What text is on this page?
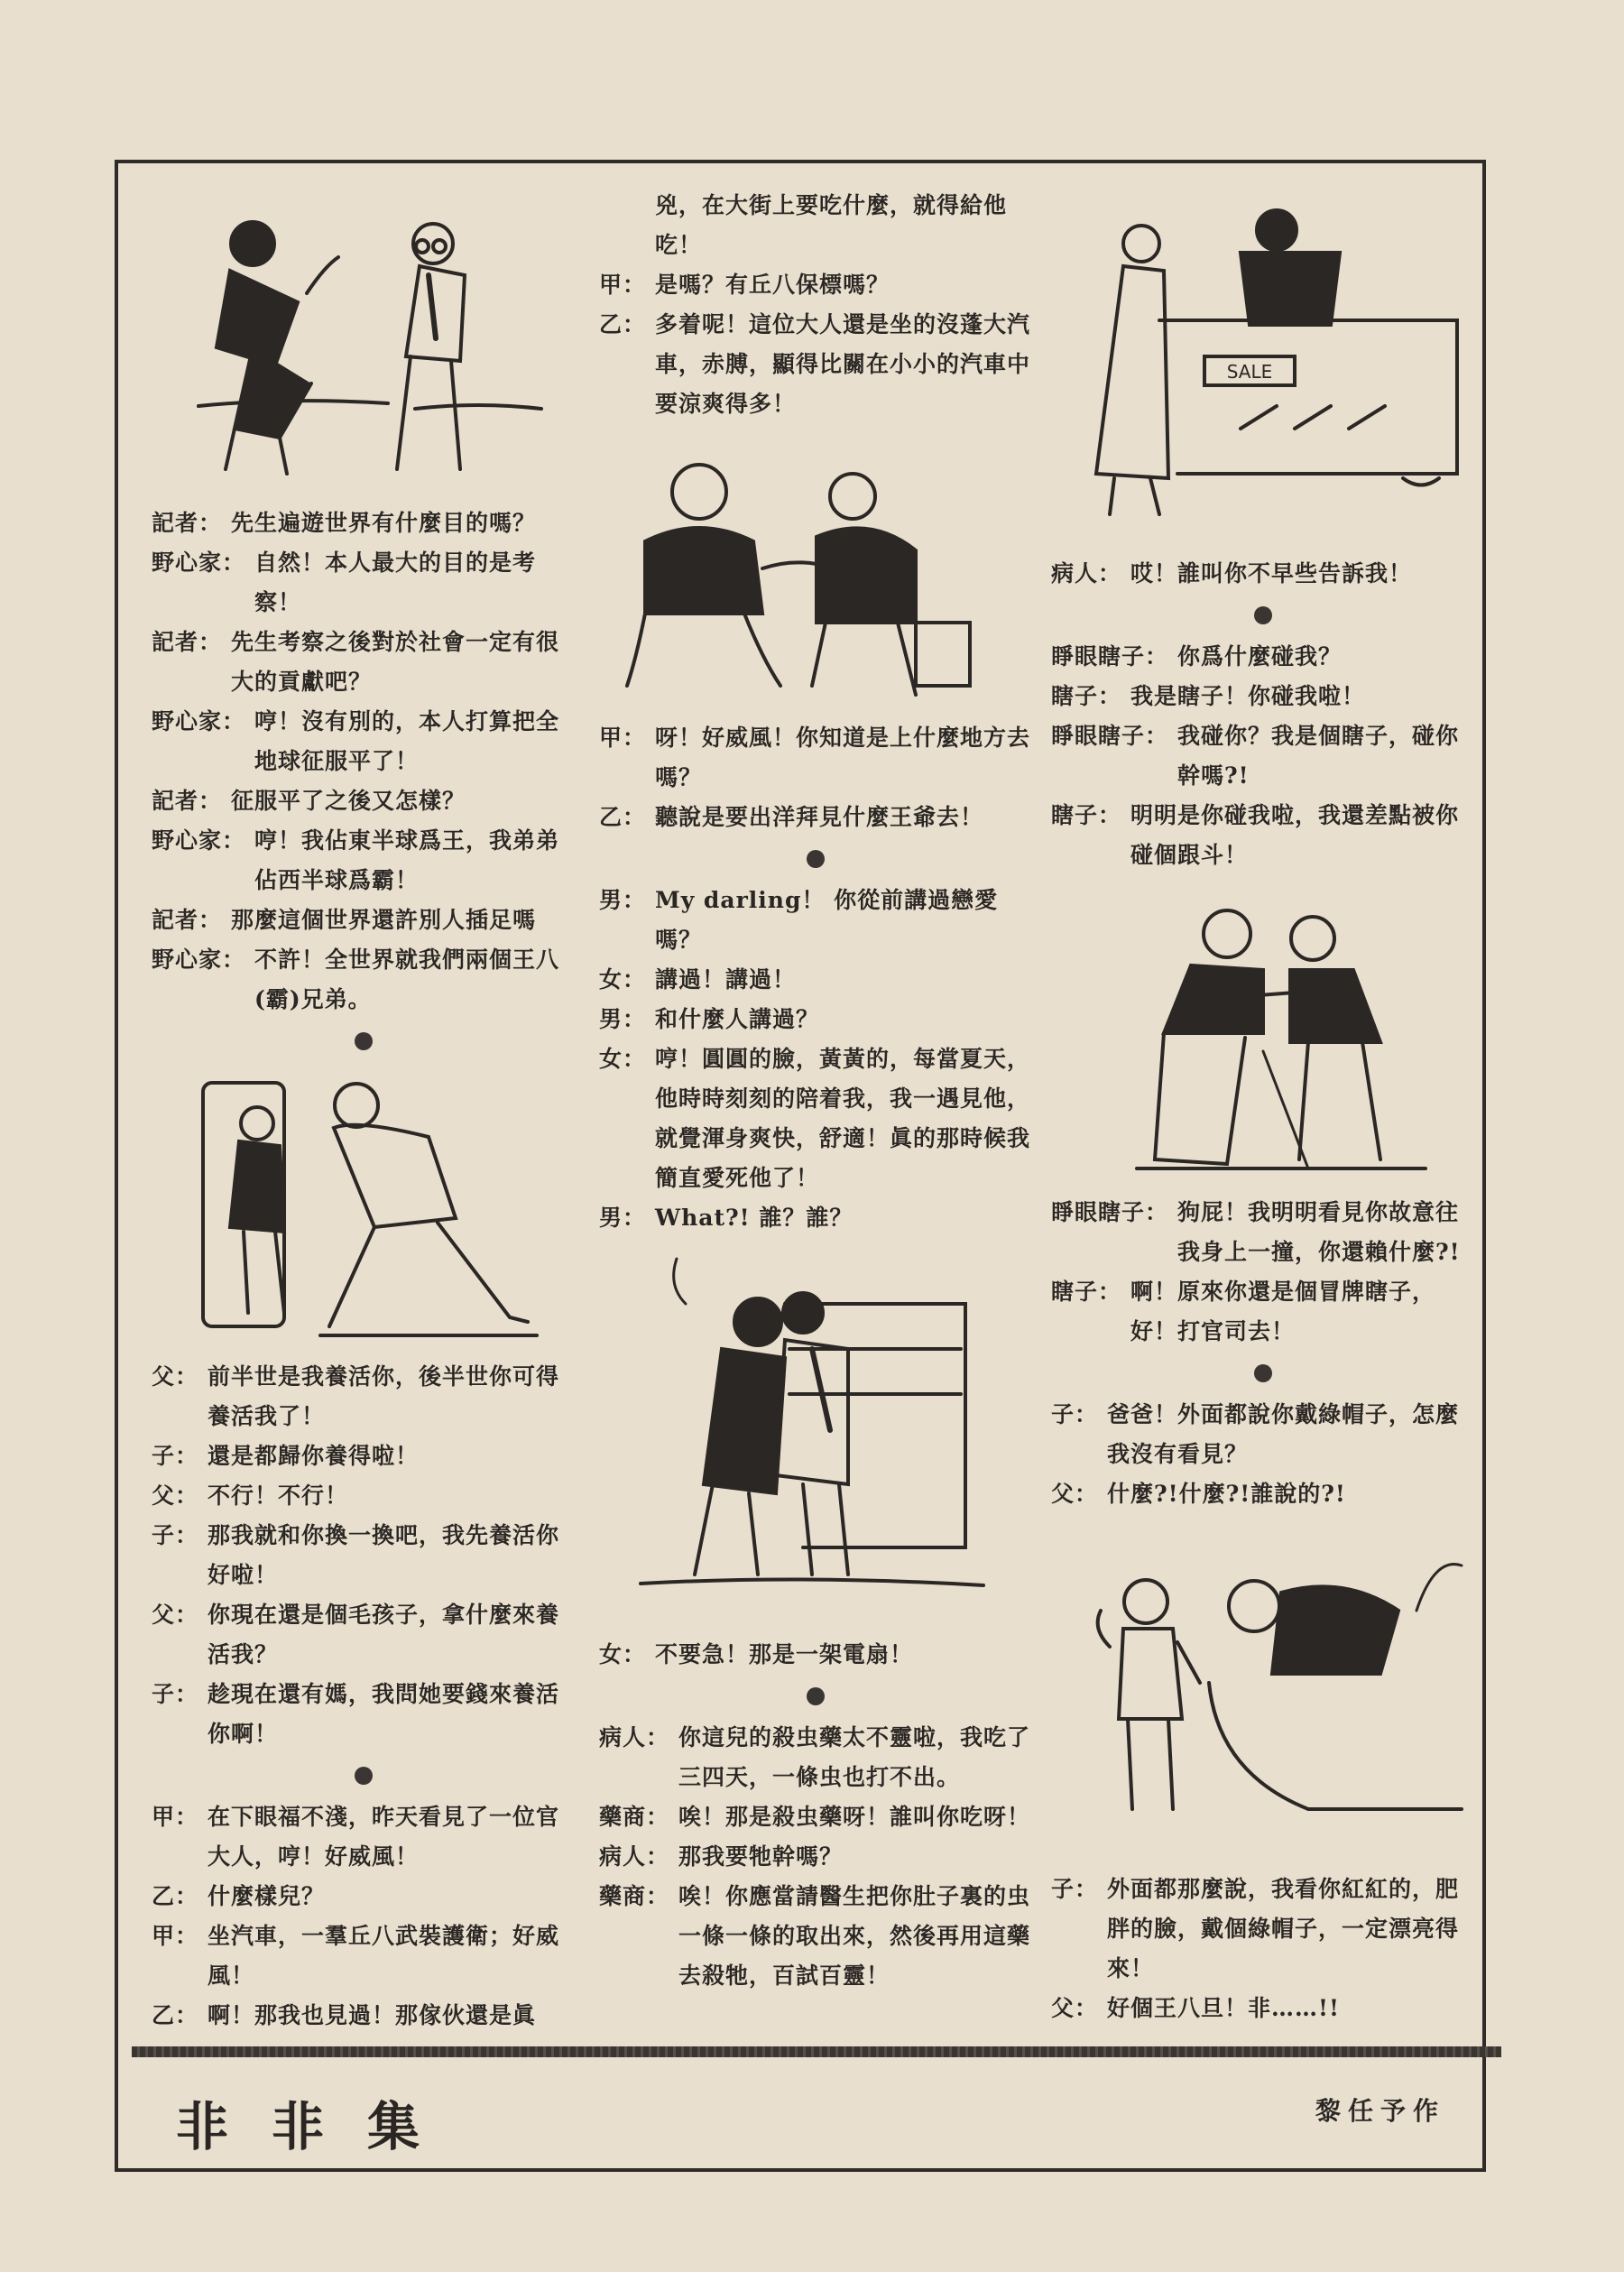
記者： 先生遍遊世界有什麼目的嗎？
野心家： 自然！本人最大的目的是考察！
記者： 先生考察之後對於社會一定有很大的貢獻吧？
野心家： 哼！沒有別的，本人打算把全地球征服平了！
記者： 征服平了之後又怎樣？
野心家： 哼！我佔東半球爲王，我弟弟佔西半球爲霸！
記者： 那麼這個世界還許別人插足嗎
野心家： 不許！全世界就我們兩個王八(霸)兄弟。
父： 前半世是我養活你，後半世你可得養活我了！
子： 還是都歸你養得啦！
父： 不行！不行！
子： 那我就和你換一換吧，我先養活你好啦！
父： 你現在還是個毛孩子，拿什麼來養活我？
子： 趁現在還有媽，我問她要錢來養活你啊！
甲： 在下眼福不淺，昨天看見了一位官大人，哼！好威風！
乙： 什麼樣兒？
甲： 坐汽車，一羣丘八武裝護衛；好威風！
乙： 啊！那我也見過！那傢伙還是眞
兇，在大街上要吃什麼，就得給他吃！
甲： 是嗎？有丘八保標嗎？
乙： 多着呢！這位大人還是坐的沒蓬大汽車，赤膊，顯得比關在小小的汽車中要涼爽得多！
甲： 呀！好威風！你知道是上什麼地方去嗎？
乙： 聽說是要出洋拜見什麼王爺去！
男： My darling！ 你從前講過戀愛嗎？
女： 講過！講過！
男： 和什麼人講過？
女： 哼！圓圓的臉，黃黃的，每當夏天，他時時刻刻的陪着我，我一遇見他，就覺渾身爽快，舒適！眞的那時候我簡直愛死他了！
男： What?! 誰？誰？
女： 不要急！那是一架電扇！
病人： 你這兒的殺虫藥太不靈啦，我吃了三四天，一條虫也打不出。
藥商： 唉！那是殺虫藥呀！誰叫你吃呀！
病人： 那我要牠幹嗎？
藥商： 唉！你應當請醫生把你肚子裏的虫一條一條的取出來，然後再用這藥去殺牠，百試百靈！
SALE
病人： 哎！誰叫你不早些告訴我！
睜眼瞎子： 你爲什麼碰我？
瞎子： 我是瞎子！你碰我啦！
睜眼瞎子： 我碰你？我是個瞎子，碰你幹嗎?!
瞎子： 明明是你碰我啦，我還差點被你碰個跟斗！
睜眼瞎子： 狗屁！我明明看見你故意往我身上一撞，你還賴什麼?!
瞎子： 啊！原來你還是個冒牌瞎子，好！打官司去！
子： 爸爸！外面都說你戴綠帽子，怎麼我沒有看見？
父： 什麼?!什麼?!誰說的?!
子： 外面都那麼說，我看你紅紅的，肥胖的臉，戴個綠帽子，一定漂亮得來！
父： 好個王八旦！非……!!
非非集	黎任予作
